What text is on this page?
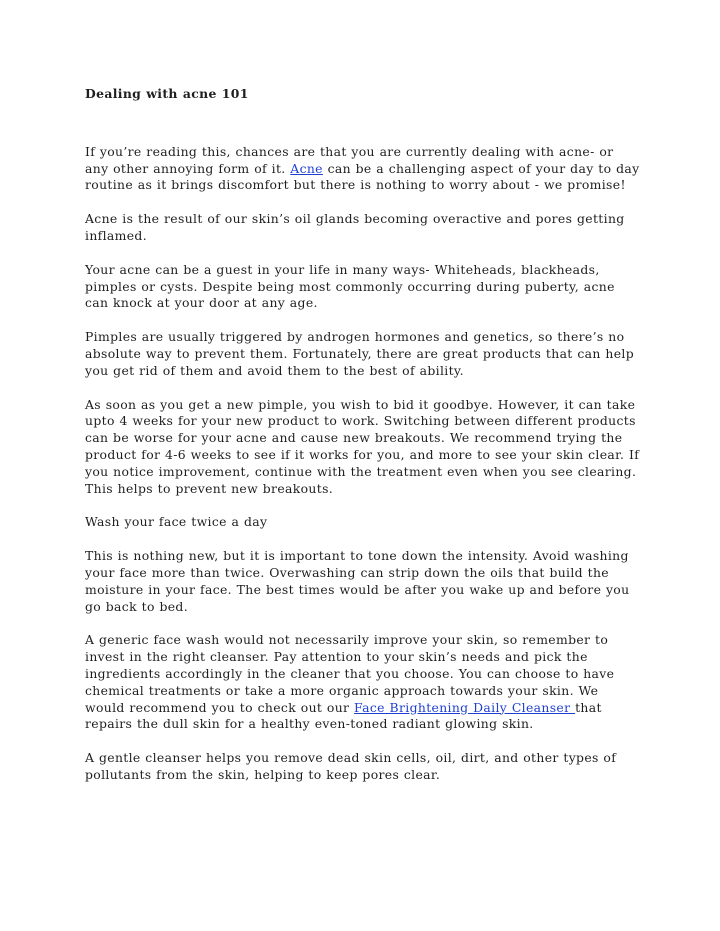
Dealing with acne 101

If you’re reading this, chances are that you are currently dealing with acne- or any other annoying form of it. Acne can be a challenging aspect of your day to day routine as it brings discomfort but there is nothing to worry about - we promise!

Acne is the result of our skin’s oil glands becoming overactive and pores getting inflamed.

Your acne can be a guest in your life in many ways- Whiteheads, blackheads, pimples or cysts. Despite being most commonly occurring during puberty, acne can knock at your door at any age.

Pimples are usually triggered by androgen hormones and genetics, so there’s no absolute way to prevent them. Fortunately, there are great products that can help you get rid of them and avoid them to the best of ability.

As soon as you get a new pimple, you wish to bid it goodbye. However, it can take upto 4 weeks for your new product to work. Switching between different products can be worse for your acne and cause new breakouts. We recommend trying the product for 4-6 weeks to see if it works for you, and more to see your skin clear. If you notice improvement, continue with the treatment even when you see clearing. This helps to prevent new breakouts.

Wash your face twice a day

This is nothing new, but it is important to tone down the intensity. Avoid washing your face more than twice. Overwashing can strip down the oils that build the moisture in your face. The best times would be after you wake up and before you go back to bed.

A generic face wash would not necessarily improve your skin, so remember to invest in the right cleanser. Pay attention to your skin’s needs and pick the ingredients accordingly in the cleaner that you choose. You can choose to have chemical treatments or take a more organic approach towards your skin. We would recommend you to check out our Face Brightening Daily Cleanser that repairs the dull skin for a healthy even-toned radiant glowing skin.

A gentle cleanser helps you remove dead skin cells, oil, dirt, and other types of pollutants from the skin, helping to keep pores clear.
